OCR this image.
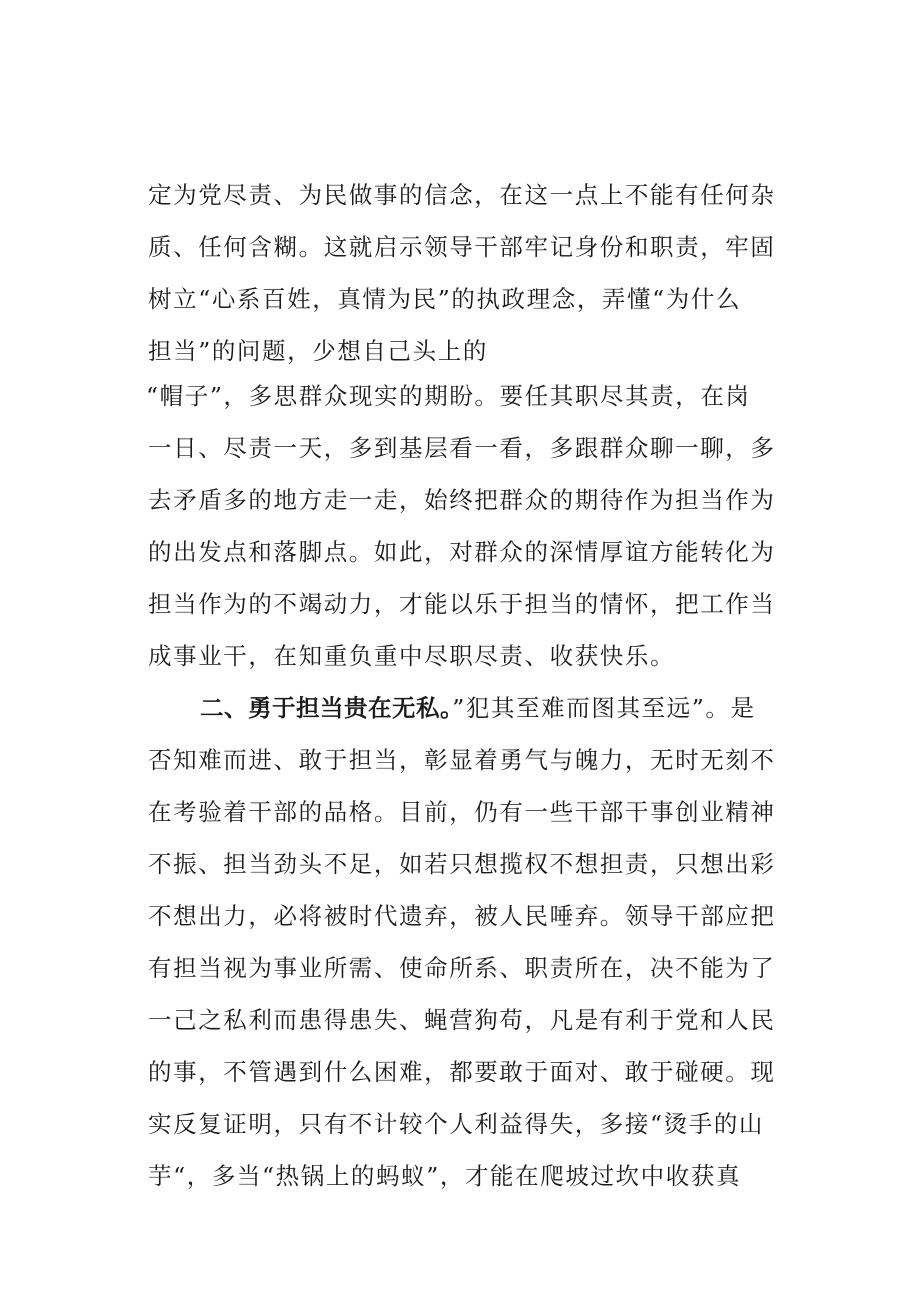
定为党尽责、为民做事的信念，在这一点上不能有任何杂

质、任何含糊。这就启示领导干部牢记身份和职责，牢固

树立“心系百姓，真情为民”的执政理念，弄懂“为什么

担当”的问题，少想自己头上的

“帽子”，多思群众现实的期盼。要任其职尽其责，在岗

一日、尽责一天，多到基层看一看，多跟群众聊一聊，多

去矛盾多的地方走一走，始终把群众的期待作为担当作为

的出发点和落脚点。如此，对群众的深情厚谊方能转化为

担当作为的不竭动力，才能以乐于担当的情怀，把工作当

成事业干，在知重负重中尽职尽责、收获快乐。

二、勇于担当贵在无私。”犯其至难而图其至远”。是

否知难而进、敢于担当，彰显着勇气与魄力，无时无刻不

在考验着干部的品格。目前，仍有一些干部干事创业精神

不振、担当劲头不足，如若只想揽权不想担责，只想出彩

不想出力，必将被时代遗弃，被人民唾弃。领导干部应把

有担当视为事业所需、使命所系、职责所在，决不能为了

一己之私利而患得患失、蝇营狗苟，凡是有利于党和人民

的事，不管遇到什么困难，都要敢于面对、敢于碰硬。现

实反复证明，只有不计较个人利益得失，多接“烫手的山

芋“，多当“热锅上的蚂蚁”，才能在爬坡过坎中收获真
